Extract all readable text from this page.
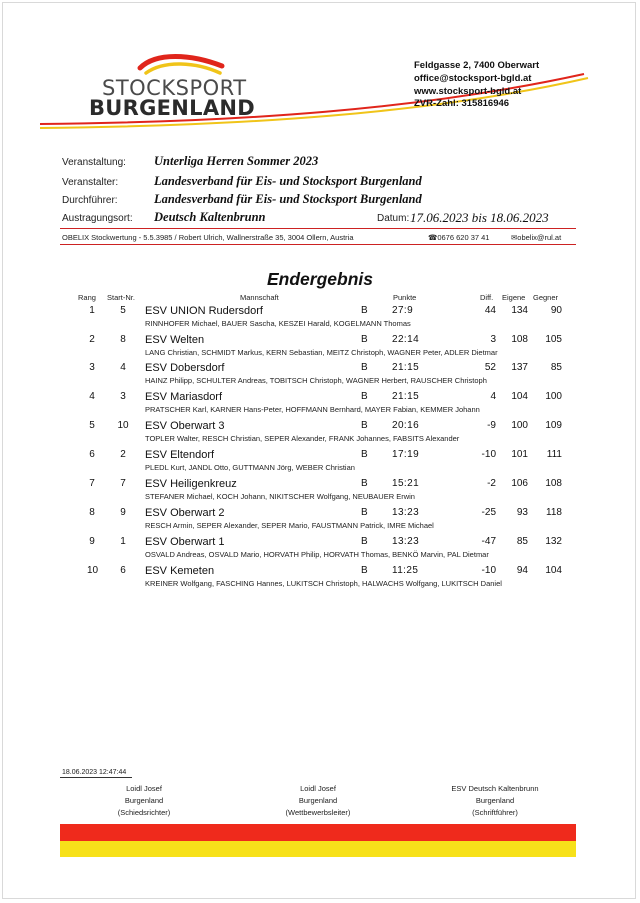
STOCKSPORT
BURGENLAND
Feldgasse 2, 7400 Oberwart
office@stocksport-bgld.at
www.stocksport-bgld.at
ZVR-Zahl: 315816946
Veranstaltung: Unterliga Herren Sommer 2023
Veranstalter:	Landesverband für Eis- und Stocksport Burgenland
Durchführer:	Landesverband für Eis- und Stocksport Burgenland
Austragungsort: Deutsch Kaltenbrunn	Datum: 17.06.2023 bis 18.06.2023
OBELIX Stockwertung - 5.5.3985 / Robert Ulrich, Wallnerstraße 35, 3004 Ollern, Austria	☎0676 620 37 41	✉obelix@rul.at
Endergebnis
Rang Start-Nr.	Mannschaft	Punkte	Diff. Eigene Gegner
1	5	ESV UNION Rudersdorf	B 27:9	44	134	90
RINNHOFER Michael, BAUER Sascha, KESZEI Harald, KOGELMANN Thomas
2	8	ESV Welten	B 22:14	3	108	105
LANG Christian, SCHMIDT Markus, KERN Sebastian, MEITZ Christoph, WAGNER Peter, ADLER Dietmar
3	4	ESV Dobersdorf	B 21:15	52	137	85
HAINZ Philipp, SCHULTER Andreas, TOBITSCH Christoph, WAGNER Herbert, RAUSCHER Christoph
4	3	ESV Mariasdorf	B 21:15	4	104	100
PRATSCHER Karl, KARNER Hans-Peter, HOFFMANN Bernhard, MAYER Fabian, KEMMER Johann
5 10 ESV Oberwart 3	B 20:16	-9	100	109
TOPLER Walter, RESCH Christian, SEPER Alexander, FRANK Johannes, FABSITS Alexander
6	2	ESV Eltendorf	B 17:19	-10	101	111
PLEDL Kurt, JANDL Otto, GUTTMANN Jörg, WEBER Christian
7	7	ESV Heiligenkreuz	B 15:21	-2	106	108
STEFANER Michael, KOCH Johann, NIKITSCHER Wolfgang, NEUBAUER Erwin
8	9	ESV Oberwart 2	B 13:23	-25	93	118
RESCH Armin, SEPER Alexander, SEPER Mario, FAUSTMANN Patrick, IMRE Michael
9	1	ESV Oberwart 1	B 13:23	-47	85	132
OSVALD Andreas, OSVALD Mario, HORVATH Philip, HORVATH Thomas, BENKÖ Marvin, PAL Dietmar
10	6	ESV Kemeten	B 11:25	-10	94	104
KREINER Wolfgang, FASCHING Hannes, LUKITSCH Christoph, HALWACHS Wolfgang, LUKITSCH Daniel
18.06.2023 12:47:44
Loidl Josef
Burgenland
(Schiedsrichter)
Loidl Josef
Burgenland
(Wettbewerbsleiter)
ESV Deutsch Kaltenbrunn
Burgenland
(Schriftführer)
